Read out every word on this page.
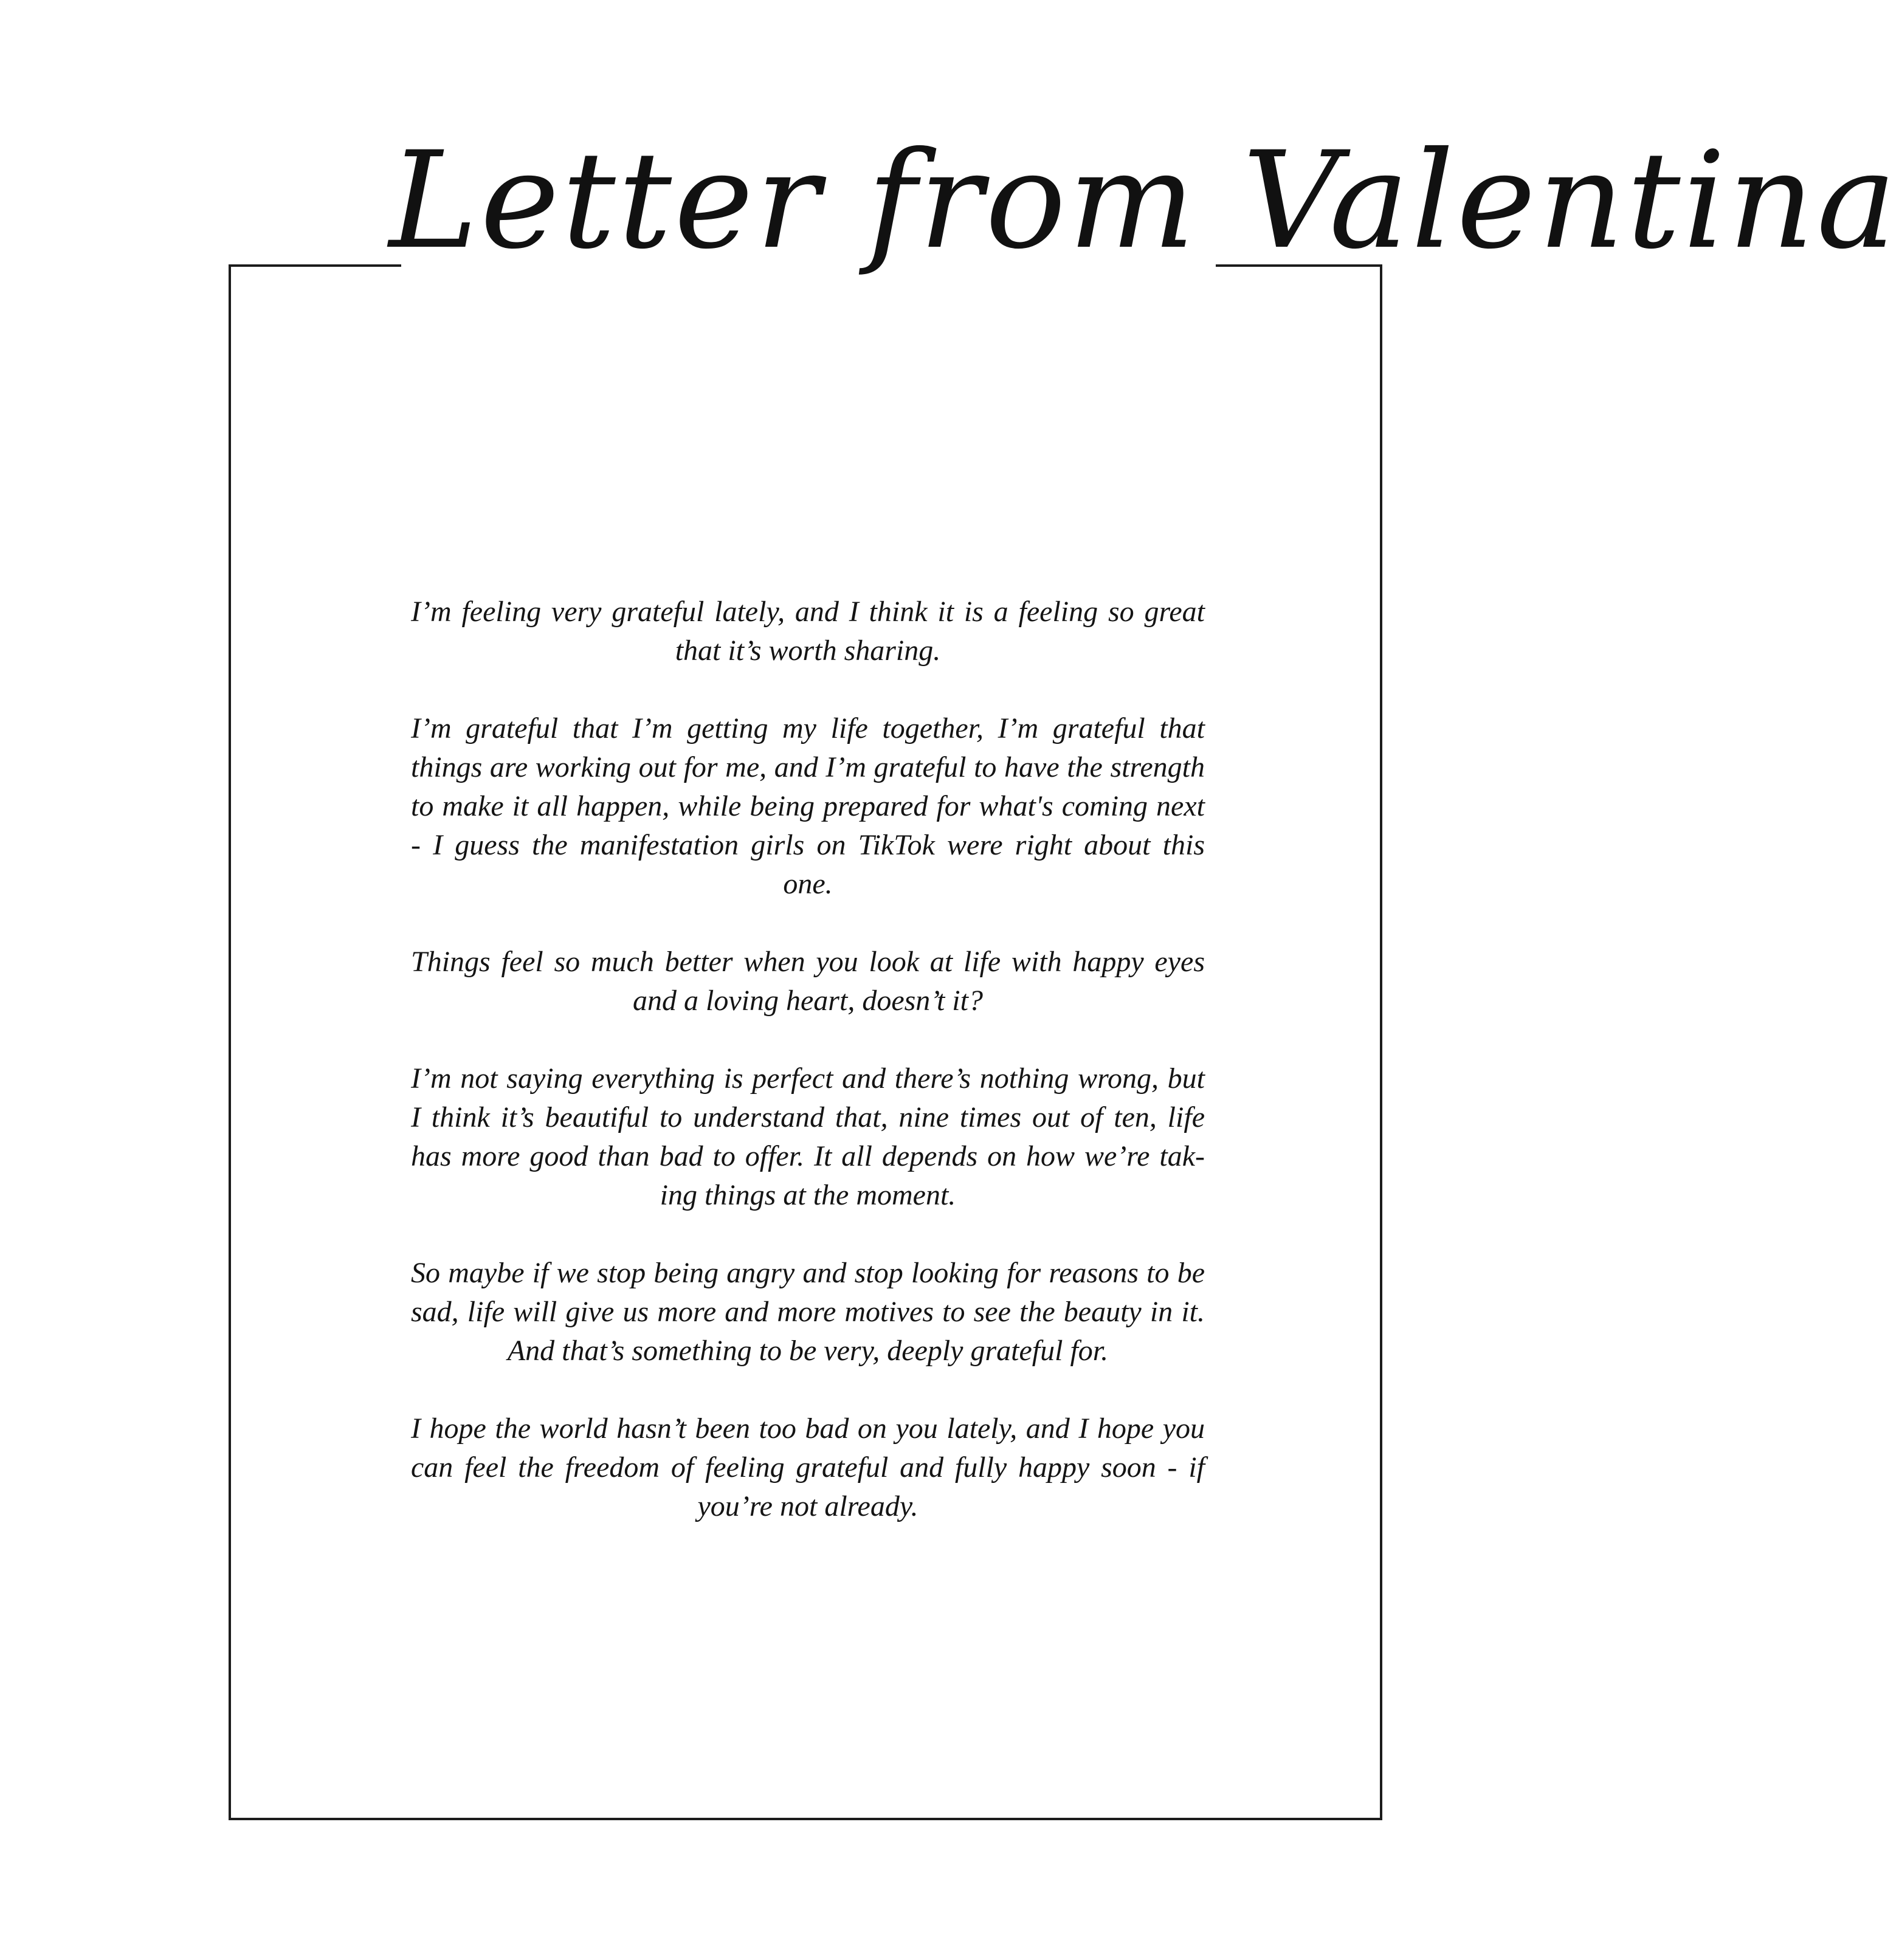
Letter from Valentina

I’m feeling very grateful lately, and I think it is a feeling so great that it’s worth sharing.

I’m grateful that I’m getting my life together, I’m grateful that things are working out for me, and I’m grateful to have the strength to make it all happen, while being prepared for what's coming next - I guess the manifestation girls on TikTok were right about this one.

Things feel so much better when you look at life with happy eyes and a loving heart, doesn’t it?

I’m not saying everything is perfect and there’s nothing wrong, but I think it’s beautiful to understand that, nine times out of ten, life has more good than bad to offer. It all depends on how we’re tak-ing things at the moment.

So maybe if we stop being angry and stop looking for reasons to be sad, life will give us more and more motives to see the beauty in it. And that’s something to be very, deeply grateful for.

I hope the world hasn’t been too bad on you lately, and I hope you can feel the freedom of feeling grateful and fully happy soon - if you’re not already.
